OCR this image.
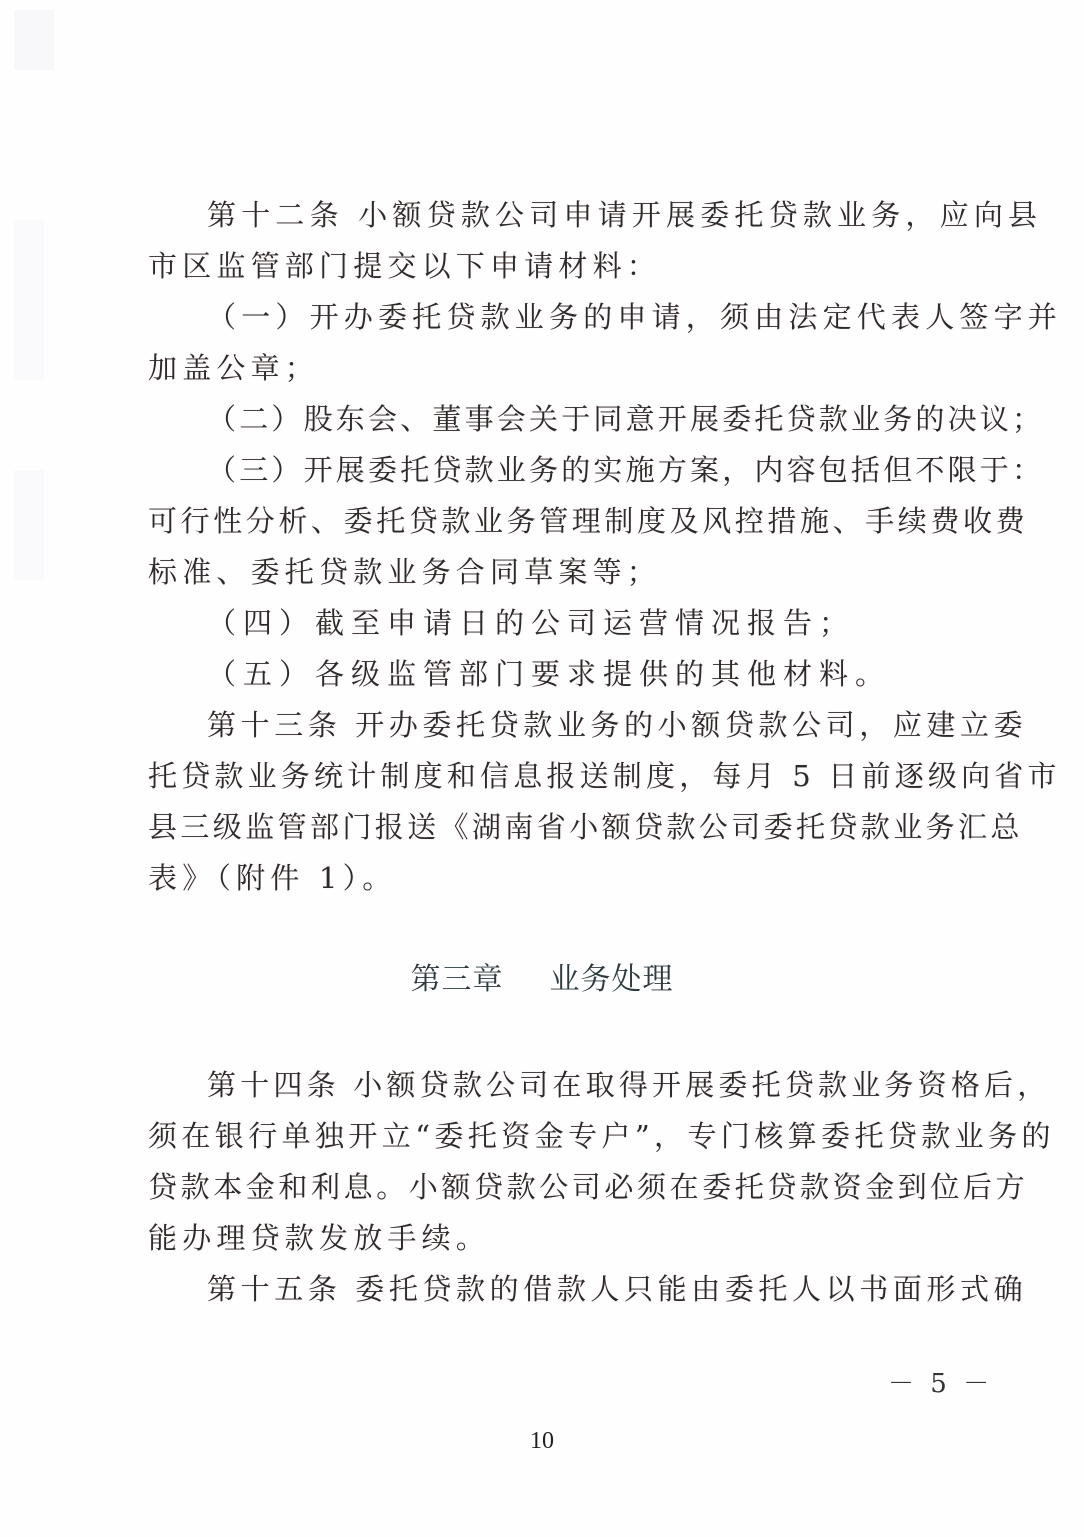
第十二条 小额贷款公司申请开展委托贷款业务，应向县
市区监管部门提交以下申请材料：
（一）开办委托贷款业务的申请，须由法定代表人签字并
加盖公章；
（二）股东会、董事会关于同意开展委托贷款业务的决议；
（三）开展委托贷款业务的实施方案，内容包括但不限于：
可行性分析、委托贷款业务管理制度及风控措施、手续费收费
标准、委托贷款业务合同草案等；
（四）截至申请日的公司运营情况报告；
（五）各级监管部门要求提供的其他材料。
第十三条 开办委托贷款业务的小额贷款公司，应建立委
托贷款业务统计制度和信息报送制度，每月 5 日前逐级向省市
县三级监管部门报送《湖南省小额贷款公司委托贷款业务汇总
表》（附件 1）。
第三章 业务处理
第十四条 小额贷款公司在取得开展委托贷款业务资格后，
须在银行单独开立“委托资金专户”，专门核算委托贷款业务的
贷款本金和利息。小额贷款公司必须在委托贷款资金到位后方
能办理贷款发放手续。
第十五条 委托贷款的借款人只能由委托人以书面形式确
－ 5 －
10
